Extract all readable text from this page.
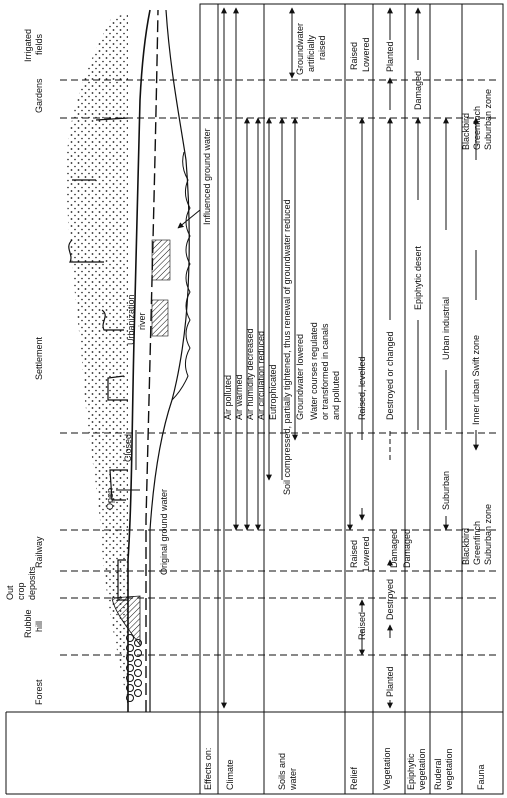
Open
Closed
Urbanization river
Original ground water
Influenced ground water
Forest
Rubble hill
Out crop deposits
Railway
Settlement
Gardens
Irrigated fields
Effects on: Climate	Soils and water	Relief	Vegetation Epiphytic vegetation Ruderal vegetation Fauna
Air polluted Air warmed Air humidity decreased Air circulation reduced Eutrophicated Soil compressed, partially tightened, thus renewal of groundwater reduced Groundwater lowered Water courses regulated or transformed in canals and polluted
Groundwater artificially raised
Raised
Raised Lowered
Raised, levelled
Raised Lowered
Planted
Destroyed
Destroyed or changed
Planted
Damaged
Epiphytic desert
Damaged
Damaged
Suburban
Urban industrial
Blackbird Greenfinch Suburban zone
Inner urban Swift zone
Blackbird Greenfinch Suburban zone
